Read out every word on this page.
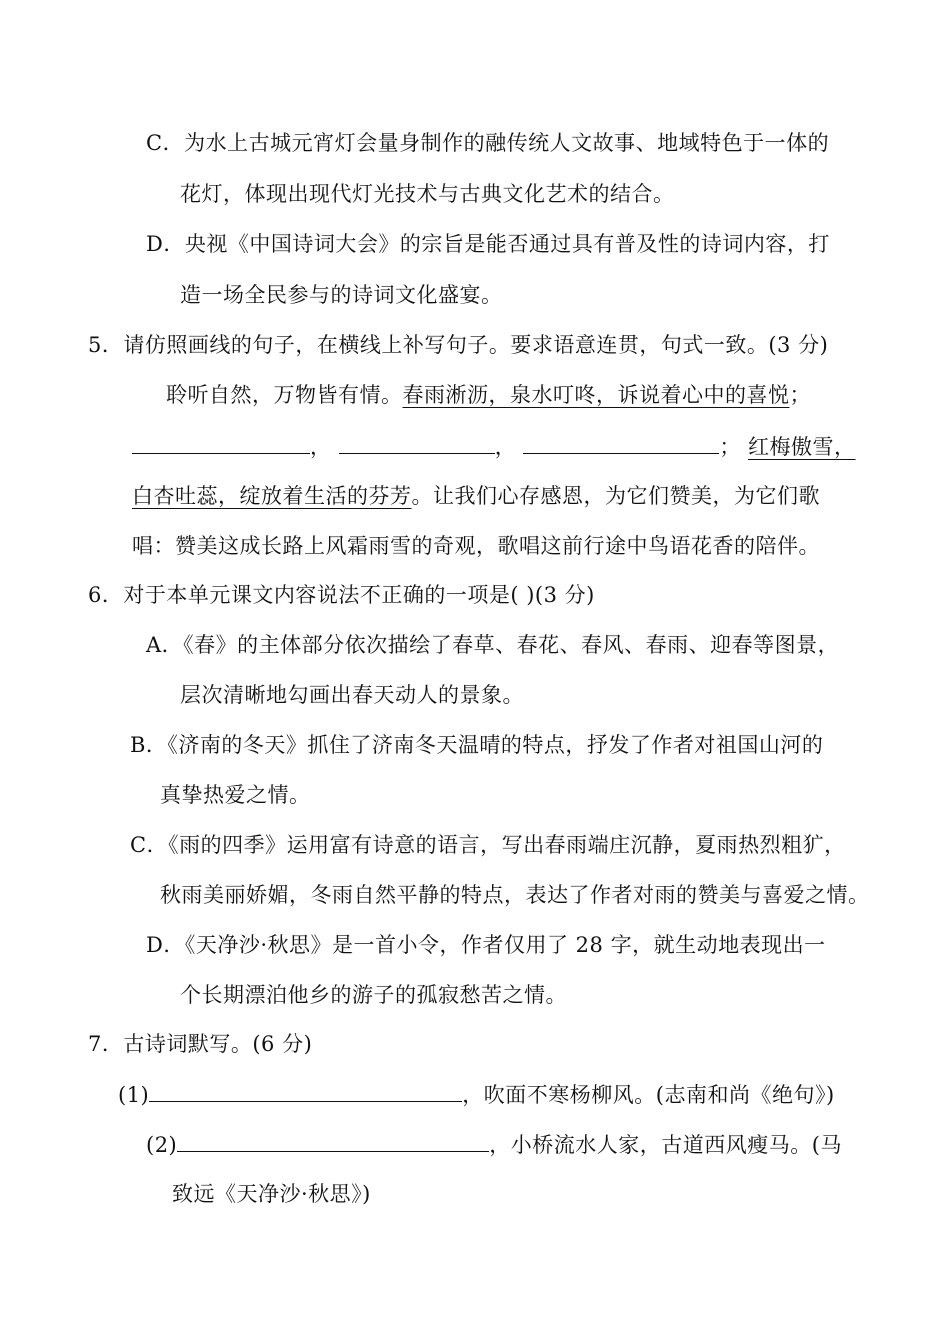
C．为水上古城元宵灯会量身制作的融传统人文故事、地域特色于一体的
花灯，体现出现代灯光技术与古典文化艺术的结合。
D．央视《中国诗词大会》的宗旨是能否通过具有普及性的诗词内容，打
造一场全民参与的诗词文化盛宴。
5．请仿照画线的句子，在横线上补写句子。要求语意连贯，句式一致。(3 分)
聆听自然，万物皆有情。春雨淅沥，泉水叮咚，诉说着心中的喜悦；
，	，	； 红梅傲雪，
白杏吐蕊，绽放着生活的芬芳。让我们心存感恩，为它们赞美，为它们歌
唱：赞美这成长路上风霜雨雪的奇观，歌唱这前行途中鸟语花香的陪伴。
6．对于本单元课文内容说法不正确的一项是( )(3 分)
A．《春》的主体部分依次描绘了春草、春花、春风、春雨、迎春等图景，
层次清晰地勾画出春天动人的景象。
B．《济南的冬天》抓住了济南冬天温晴的特点，抒发了作者对祖国山河的
真挚热爱之情。
C．《雨的四季》运用富有诗意的语言，写出春雨端庄沉静，夏雨热烈粗犷，
秋雨美丽娇媚，冬雨自然平静的特点，表达了作者对雨的赞美与喜爱之情。
D．《天净沙·秋思》是一首小令，作者仅用了 28 字，就生动地表现出一
个长期漂泊他乡的游子的孤寂愁苦之情。
7．古诗词默写。(6 分)
(1)	，吹面不寒杨柳风。(志南和尚《绝句》)
(2)	，小桥流水人家，古道西风瘦马。(马
致远《天净沙·秋思》)
